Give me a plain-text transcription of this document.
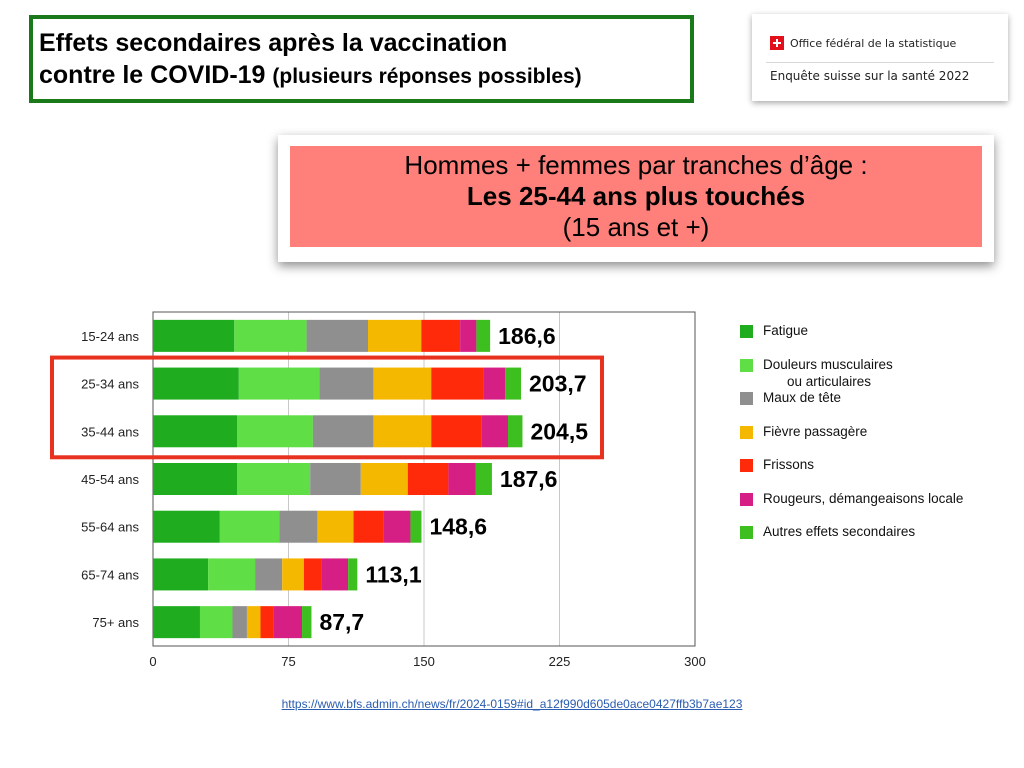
Effets secondaires après la vaccination
contre le COVID-19 (plusieurs réponses possibles)
Office fédéral de la statistique
Enquête suisse sur la santé 2022
Hommes + femmes par tranches d’âge :
Les 25-44 ans plus touchés
(15 ans et +)
0	75	150	225	300
15-24 ans	186,6
25-34 ans	203,7
35-44 ans	204,5
45-54 ans	187,6
55-64 ans	148,6
65-74 ans	113,1
75+ ans	87,7
Fatigue
Douleurs musculaires
ou articulaires
Maux de tête
Fièvre passagère
Frissons
Rougeurs, démangeaisons locale
Autres effets secondaires
https://www.bfs.admin.ch/news/fr/2024-0159#id_a12f990d605de0ace0427ffb3b7ae123
